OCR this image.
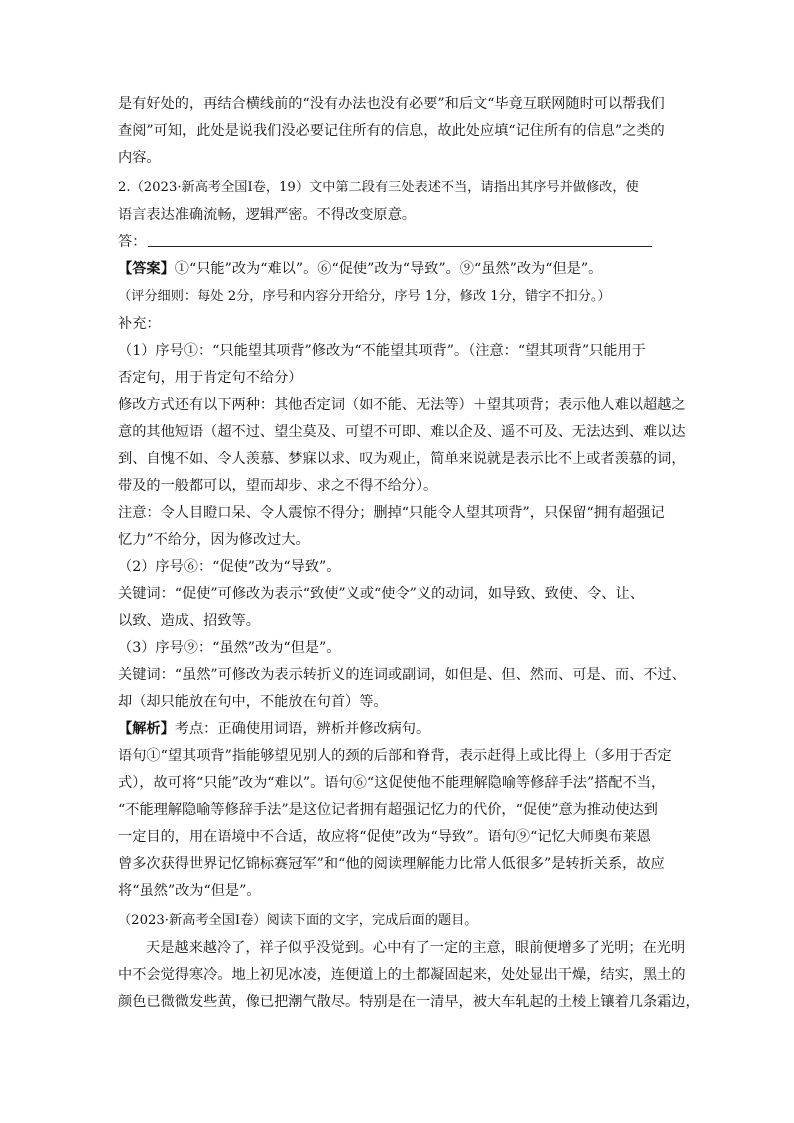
是有好处的，再结合横线前的“没有办法也没有必要”和后文“毕竟互联网随时可以帮我们
查阅”可知，此处是说我们没必要记住所有的信息，故此处应填“记住所有的信息”之类的
内容。
2.（2023·新高考全国Ⅰ卷，19）文中第二段有三处表述不当，请指出其序号并做修改，使
语言表达准确流畅，逻辑严密。不得改变原意。
答：
【答案】①“只能”改为“难以”。⑥“促使”改为“导致”。⑨“虽然”改为“但是”。
（评分细则：每处 2分，序号和内容分开给分，序号 1分，修改 1分，错字不扣分。）
补充：
（1）序号①：“只能望其项背”修改为“不能望其项背”。（注意：“望其项背”只能用于
否定句，用于肯定句不给分）
修改方式还有以下两种：其他否定词（如不能、无法等）＋望其项背；表示他人难以超越之
意的其他短语（超不过、望尘莫及、可望不可即、难以企及、遥不可及、无法达到、难以达
到、自愧不如、令人羡慕、梦寐以求、叹为观止，简单来说就是表示比不上或者羡慕的词，
带及的一般都可以，望而却步、求之不得不给分）。
注意：令人目瞪口呆、令人震惊不得分；删掉“只能令人望其项背”，只保留“拥有超强记
忆力”不给分，因为修改过大。
（2）序号⑥：“促使”改为“导致”。
关键词：“促使”可修改为表示“致使”义或“使令”义的动词，如导致、致使、令、让、
以致、造成、招致等。
（3）序号⑨：“虽然”改为“但是”。
关键词：“虽然”可修改为表示转折义的连词或副词，如但是、但、然而、可是、而、不过、
却（却只能放在句中，不能放在句首）等。
【解析】考点：正确使用词语，辨析并修改病句。
语句①“望其项背”指能够望见别人的颈的后部和脊背，表示赶得上或比得上（多用于否定
式），故可将“只能”改为“难以”。语句⑥“这促使他不能理解隐喻等修辞手法”搭配不当，
“不能理解隐喻等修辞手法”是这位记者拥有超强记忆力的代价，“促使”意为推动使达到
一定目的，用在语境中不合适，故应将“促使”改为“导致”。语句⑨“记忆大师奥布莱恩
曾多次获得世界记忆锦标赛冠军”和“他的阅读理解能力比常人低很多”是转折关系，故应
将“虽然”改为“但是”。
（2023·新高考全国Ⅰ卷）阅读下面的文字，完成后面的题目。
天是越来越冷了，祥子似乎没觉到。心中有了一定的主意，眼前便增多了光明；在光明
中不会觉得寒冷。地上初见冰凌，连便道上的土都凝固起来，处处显出干燥，结实，黑土的
颜色已微微发些黄，像已把潮气散尽。特别是在一清早，被大车轧起的土棱上镶着几条霜边，
